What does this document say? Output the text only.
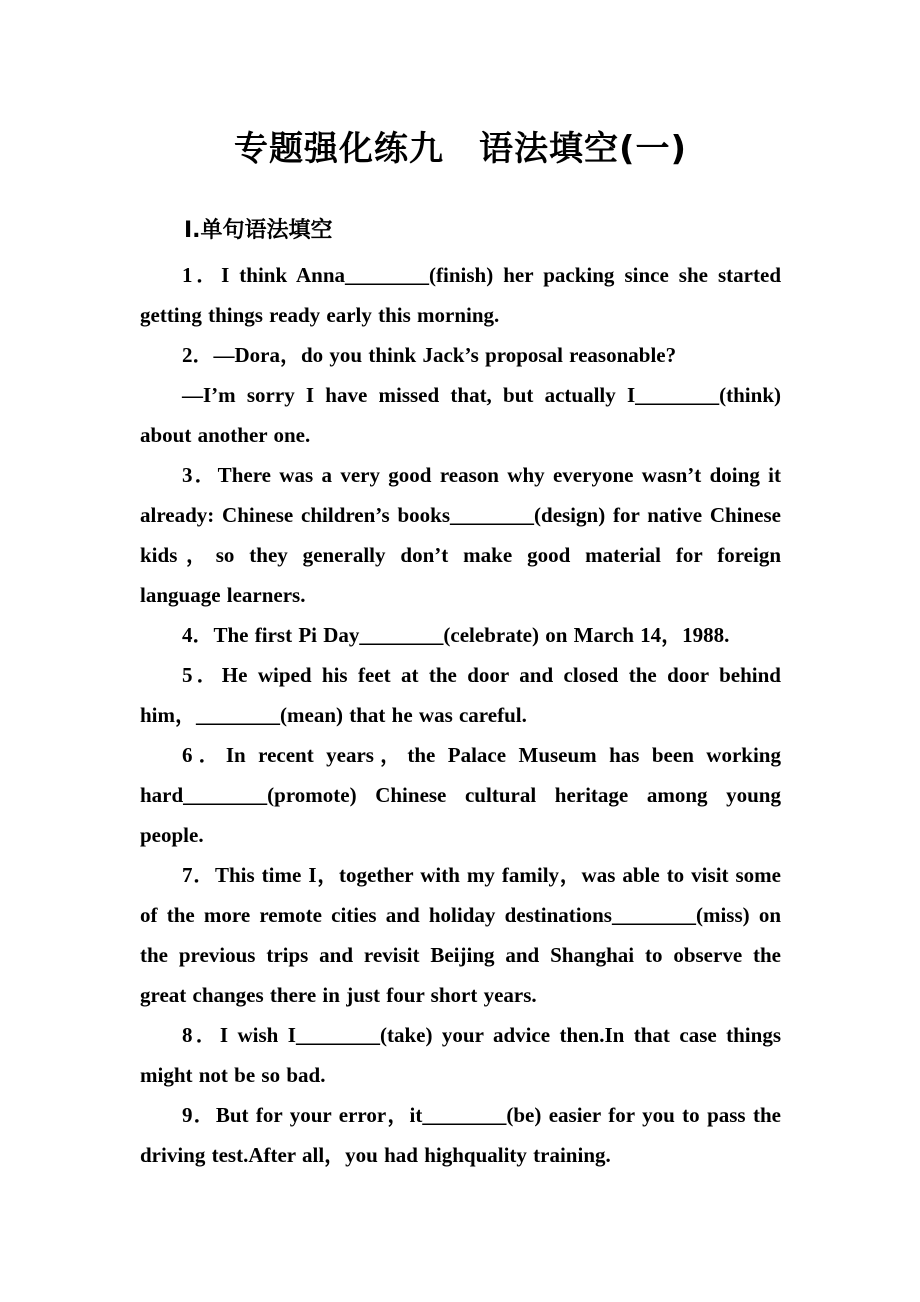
专题强化练九　语法填空(一)
Ⅰ.单句语法填空

1．I think Anna________(finish) her packing since she started getting things ready early this morning.

2．—Dora，do you think Jack’s proposal reasonable?

—I’m sorry I have missed that, but actually I________(think) about another one.

3．There was a very good reason why everyone wasn’t doing it already: Chinese children’s books________(design) for native Chinese kids，so they generally don’t make good material for foreign language learners.

4．The first Pi Day________(celebrate) on March 14，1988.

5．He wiped his feet at the door and closed the door behind him，________(mean) that he was careful.

6．In recent years，the Palace Museum has been working hard________(promote) Chinese cultural heritage among young people.

7．This time I，together with my family，was able to visit some of the more remote cities and holiday destinations________(miss) on the previous trips and revisit Beijing and Shanghai to observe the great changes there in just four short years.

8．I wish I________(take) your advice then.In that case things might not be so bad.

9．But for your error，it________(be) easier for you to pass the driving test.After all，you had highquality training.
